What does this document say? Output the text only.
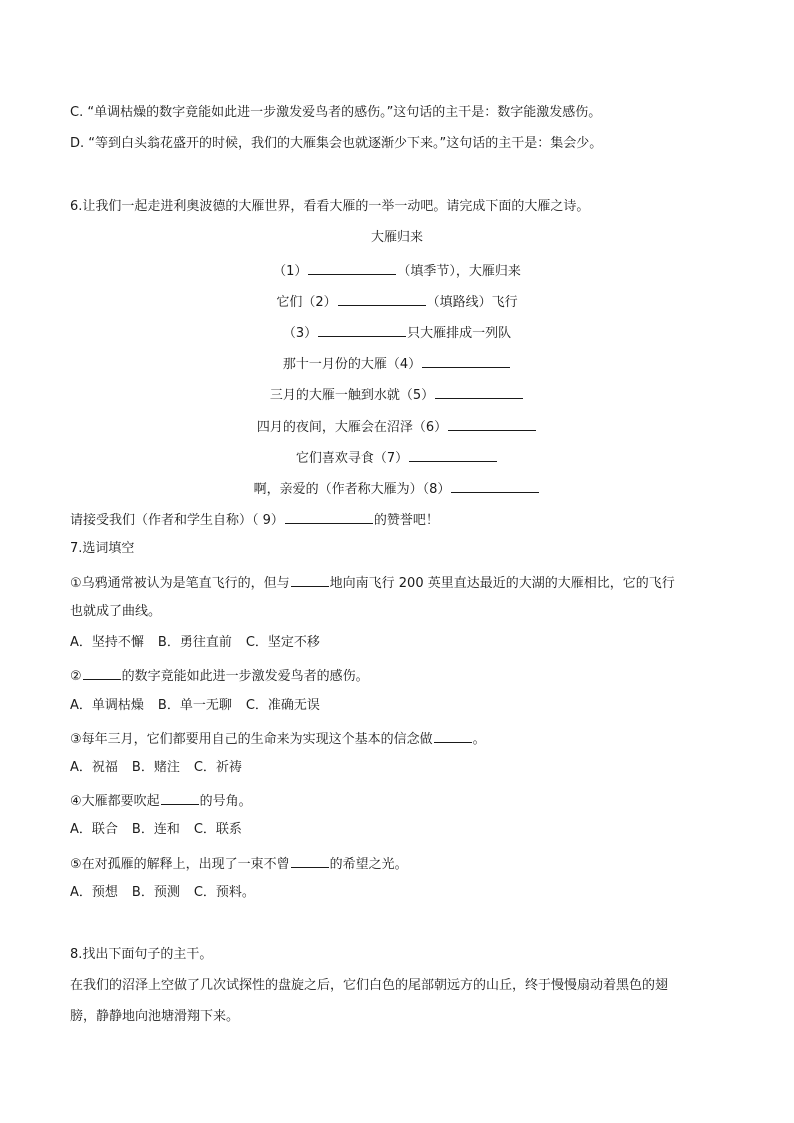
C. “单调枯燥的数字竟能如此进一步激发爱鸟者的感伤。”这句话的主干是：数字能激发感伤。
D. “等到白头翁花盛开的时候，我们的大雁集会也就逐渐少下来。”这句话的主干是：集会少。
6.让我们一起走进利奥波德的大雁世界，看看大雁的一举一动吧。请完成下面的大雁之诗。
大雁归来
（1）	（填季节），大雁归来
它们（2）	（填路线）飞行
（3）	只大雁排成一列队
那十一月份的大雁（4）
三月的大雁一触到水就（5）
四月的夜间，大雁会在沼泽（6）
它们喜欢寻食（7）
啊，亲爱的（作者称大雁为）（8）
请接受我们（作者和学生自称）（ 9）	的赞誉吧！
7.选词填空
①乌鸦通常被认为是笔直飞行的，但与	地向南飞行 200 英里直达最近的大湖的大雁相比，它的飞行
也就成了曲线。
A．坚持不懈 B．勇往直前 C．坚定不移
②	的数字竟能如此进一步激发爱鸟者的感伤。
A．单调枯燥 B．单一无聊 C．准确无误
③每年三月，它们都要用自己的生命来为实现这个基本的信念做	。
A．祝福 B．赌注 C．祈祷
④大雁都要吹起	的号角。
A．联合 B．连和 C．联系
⑤在对孤雁的解释上，出现了一束不曾	的希望之光。
A．预想 B．预测 C．预料。
8.找出下面句子的主干。
在我们的沼泽上空做了几次试探性的盘旋之后，它们白色的尾部朝远方的山丘，终于慢慢扇动着黑色的翅
膀，静静地向池塘滑翔下来。
